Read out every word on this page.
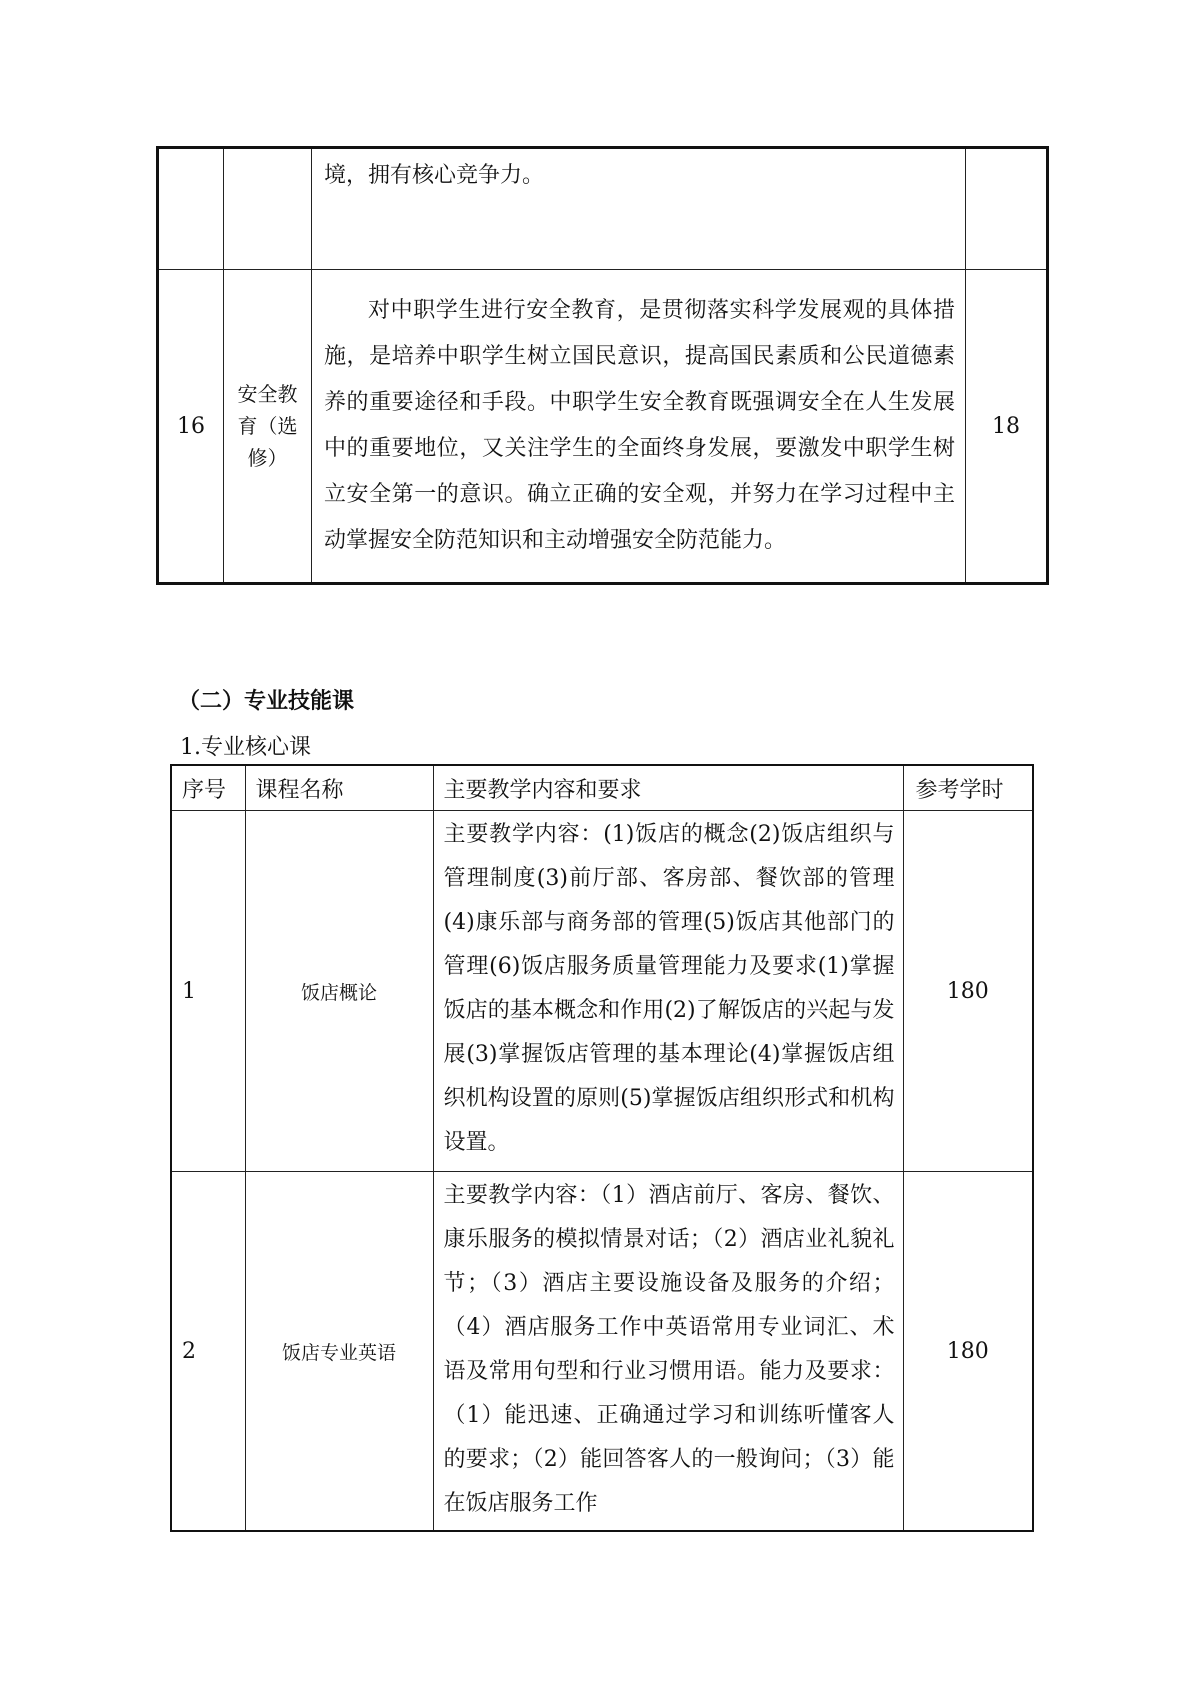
		境，拥有核心竞争力。	
16	安全教育（选修）	对中职学生进行安全教育，是贯彻落实科学发展观的具体措施，是培养中职学生树立国民意识，提高国民素质和公民道德素养的重要途径和手段。中职学生安全教育既强调安全在人生发展中的重要地位，又关注学生的全面终身发展，要激发中职学生树立安全第一的意识。确立正确的安全观，并努力在学习过程中主动掌握安全防范知识和主动增强安全防范能力。	18
（二）专业技能课
1.专业核心课
序号	课程名称	主要教学内容和要求	参考学时
1	饭店概论	主要教学内容：(1)饭店的概念(2)饭店组织与管理制度(3)前厅部、客房部、餐饮部的管理(4)康乐部与商务部的管理(5)饭店其他部门的管理(6)饭店服务质量管理能力及要求(1)掌握饭店的基本概念和作用(2)了解饭店的兴起与发展(3)掌握饭店管理的基本理论(4)掌握饭店组织机构设置的原则(5)掌握饭店组织形式和机构设置。	180
2	饭店专业英语	主要教学内容：（1）酒店前厅、客房、餐饮、康乐服务的模拟情景对话；（2）酒店业礼貌礼节；（3）酒店主要设施设备及服务的介绍；（4）酒店服务工作中英语常用专业词汇、术语及常用句型和行业习惯用语。能力及要求：（1）能迅速、正确通过学习和训练听懂客人的要求；（2）能回答客人的一般询问；（3）能在饭店服务工作	180
